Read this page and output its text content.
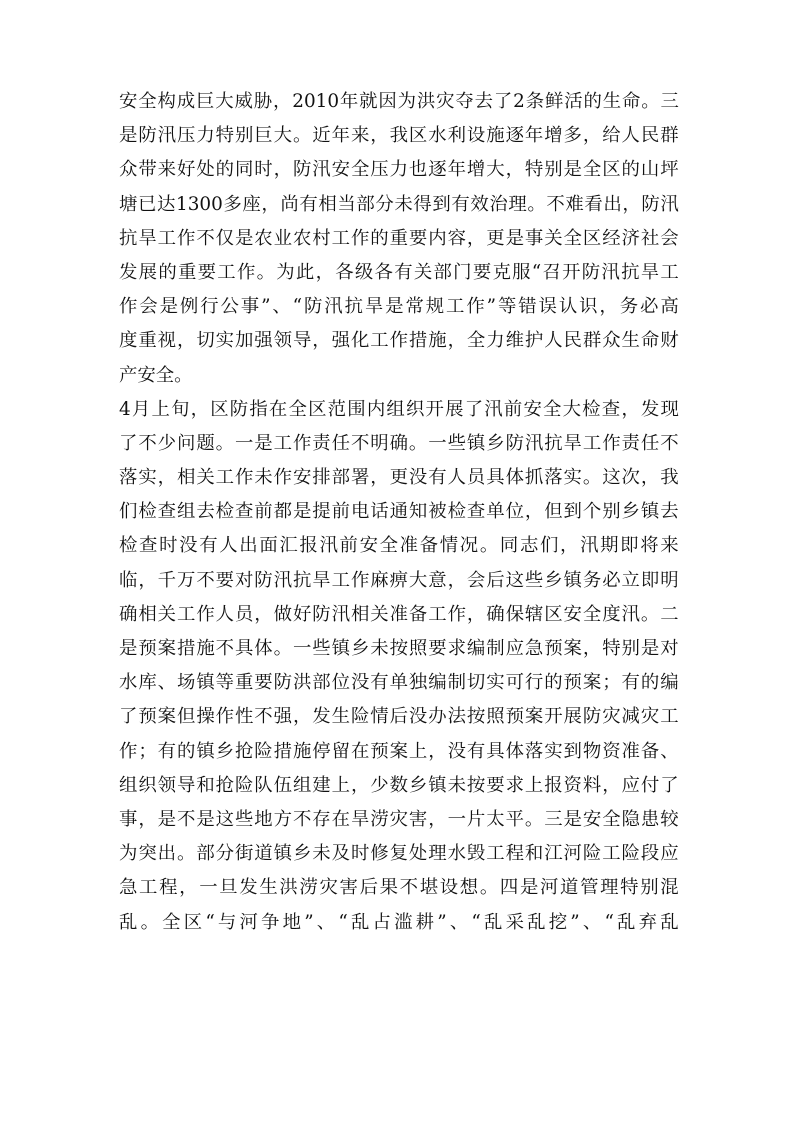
安 全 构 成 巨 大 威 胁 ， 2010 年 就 因 为 洪 灾 夺 去 了 2 条 鲜 活 的 生 命 。 三
是 防 汛 压 力 特 别 巨 大 。 近 年 来 ， 我 区 水 利 设 施 逐 年 增 多 ， 给 人 民 群
众 带 来 好 处 的 同 时 ， 防 汛 安 全 压 力 也 逐 年 增 大 ， 特 别 是 全 区 的 山 坪
塘 已 达 1300 多 座 ， 尚 有 相 当 部 分 未 得 到 有 效 治 理 。 不 难 看 出 ， 防 汛
抗 旱 工 作 不 仅 是 农 业 农 村 工 作 的 重 要 内 容 ， 更 是 事 关 全 区 经 济 社 会
发 展 的 重 要 工 作 。 为 此 ， 各 级 各 有 关 部 门 要 克 服 “ 召 开 防 汛 抗 旱 工
作 会 是 例 行 公 事 ” 、 “ 防 汛 抗 旱 是 常 规 工 作 ” 等 错 误 认 识 ， 务 必 高
度 重 视 ， 切 实 加 强 领 导 ， 强 化 工 作 措 施 ， 全 力 维 护 人 民 群 众 生 命 财
产安全。
4 月 上 旬 ， 区 防 指 在 全 区 范 围 内 组 织 开 展 了 汛 前 安 全 大 检 查 ， 发 现
了 不 少 问 题 。 一 是 工 作 责 任 不 明 确 。 一 些 镇 乡 防 汛 抗 旱 工 作 责 任 不
落 实 ， 相 关 工 作 未 作 安 排 部 署 ， 更 没 有 人 员 具 体 抓 落 实 。 这 次 ， 我
们 检 查 组 去 检 查 前 都 是 提 前 电 话 通 知 被 检 查 单 位 ， 但 到 个 别 乡 镇 去
检 查 时 没 有 人 出 面 汇 报 汛 前 安 全 准 备 情 况 。 同 志 们 ， 汛 期 即 将 来
临 ， 千 万 不 要 对 防 汛 抗 旱 工 作 麻 痹 大 意 ， 会 后 这 些 乡 镇 务 必 立 即 明
确 相 关 工 作 人 员 ， 做 好 防 汛 相 关 准 备 工 作 ， 确 保 辖 区 安 全 度 汛 。 二
是 预 案 措 施 不 具 体 。 一 些 镇 乡 未 按 照 要 求 编 制 应 急 预 案 ， 特 别 是 对
水 库 、 场 镇 等 重 要 防 洪 部 位 没 有 单 独 编 制 切 实 可 行 的 预 案 ； 有 的 编
了 预 案 但 操 作 性 不 强 ， 发 生 险 情 后 没 办 法 按 照 预 案 开 展 防 灾 减 灾 工
作 ； 有 的 镇 乡 抢 险 措 施 停 留 在 预 案 上 ， 没 有 具 体 落 实 到 物 资 准 备 、
组 织 领 导 和 抢 险 队 伍 组 建 上 ， 少 数 乡 镇 未 按 要 求 上 报 资 料 ， 应 付 了
事 ， 是 不 是 这 些 地 方 不 存 在 旱 涝 灾 害 ， 一 片 太 平 。 三 是 安 全 隐 患 较
为 突 出 。 部 分 街 道 镇 乡 未 及 时 修 复 处 理 水 毁 工 程 和 江 河 险 工 险 段 应
急 工 程 ， 一 旦 发 生 洪 涝 灾 害 后 果 不 堪 设 想 。 四 是 河 道 管 理 特 别 混
乱 。 全 区 “ 与 河 争 地 ” 、 “ 乱 占 滥 耕 ” 、 “ 乱 采 乱 挖 ” 、 “ 乱 弃 乱
